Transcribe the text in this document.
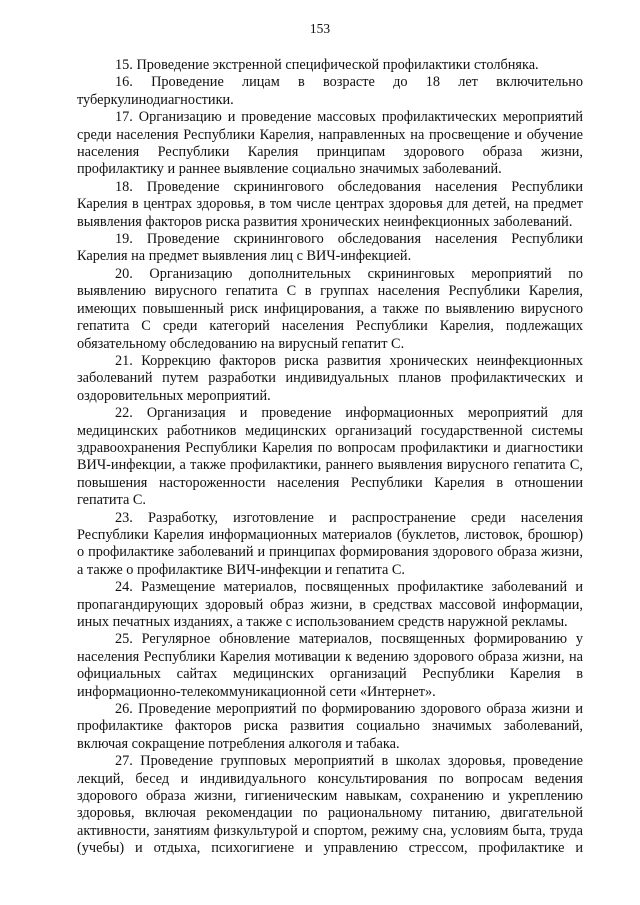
153

15. Проведение экстренной специфической профилактики столбняка.

16. Проведение лицам в возрасте до 18 лет включительно туберкулинодиагностики.

17. Организацию и проведение массовых профилактических мероприятий среди населения Республики Карелия, направленных на просвещение и обучение населения Республики Карелия принципам здорового образа жизни, профилактику и раннее выявление социально значимых заболеваний.

18. Проведение скринингового обследования населения Республики Карелия в центрах здоровья, в том числе центрах здоровья для детей, на предмет выявления факторов риска развития хронических неинфекционных заболеваний.

19. Проведение скринингового обследования населения Республики Карелия на предмет выявления лиц с ВИЧ-инфекцией.

20. Организацию дополнительных скрининговых мероприятий по выявлению вирусного гепатита С в группах населения Республики Карелия, имеющих повышенный риск инфицирования, а также по выявлению вирусного гепатита С среди категорий населения Республики Карелия, подлежащих обязательному обследованию на вирусный гепатит С.

21. Коррекцию факторов риска развития хронических неинфекционных заболеваний путем разработки индивидуальных планов профилактических и оздоровительных мероприятий.

22. Организация и проведение информационных мероприятий для медицинских работников медицинских организаций государственной системы здравоохранения Республики Карелия по вопросам профилактики и диагностики ВИЧ-инфекции, а также профилактики, раннего выявления вирусного гепатита С, повышения настороженности населения Республики Карелия в отношении гепатита С.

23. Разработку, изготовление и распространение среди населения Республики Карелия информационных материалов (буклетов, листовок, брошюр) о профилактике заболеваний и принципах формирования здорового образа жизни, а также о профилактике ВИЧ-инфекции и гепатита С.

24. Размещение материалов, посвященных профилактике заболеваний и пропагандирующих здоровый образ жизни, в средствах массовой информации, иных печатных изданиях, а также с использованием средств наружной рекламы.

25. Регулярное обновление материалов, посвященных формированию у населения Республики Карелия мотивации к ведению здорового образа жизни, на официальных сайтах медицинских организаций Республики Карелия в информационно-телекоммуникационной сети «Интернет».

26. Проведение мероприятий по формированию здорового образа жизни и профилактике факторов риска развития социально значимых заболеваний, включая сокращение потребления алкоголя и табака.

27. Проведение групповых мероприятий в школах здоровья, проведение лекций, бесед и индивидуального консультирования по вопросам ведения здорового образа жизни, гигиеническим навыкам, сохранению и укреплению здоровья, включая рекомендации по рациональному питанию, двигательной активности, занятиям физкультурой и спортом, режиму сна, условиям быта, труда (учебы) и отдыха, психогигиене и управлению стрессом, профилактике и
